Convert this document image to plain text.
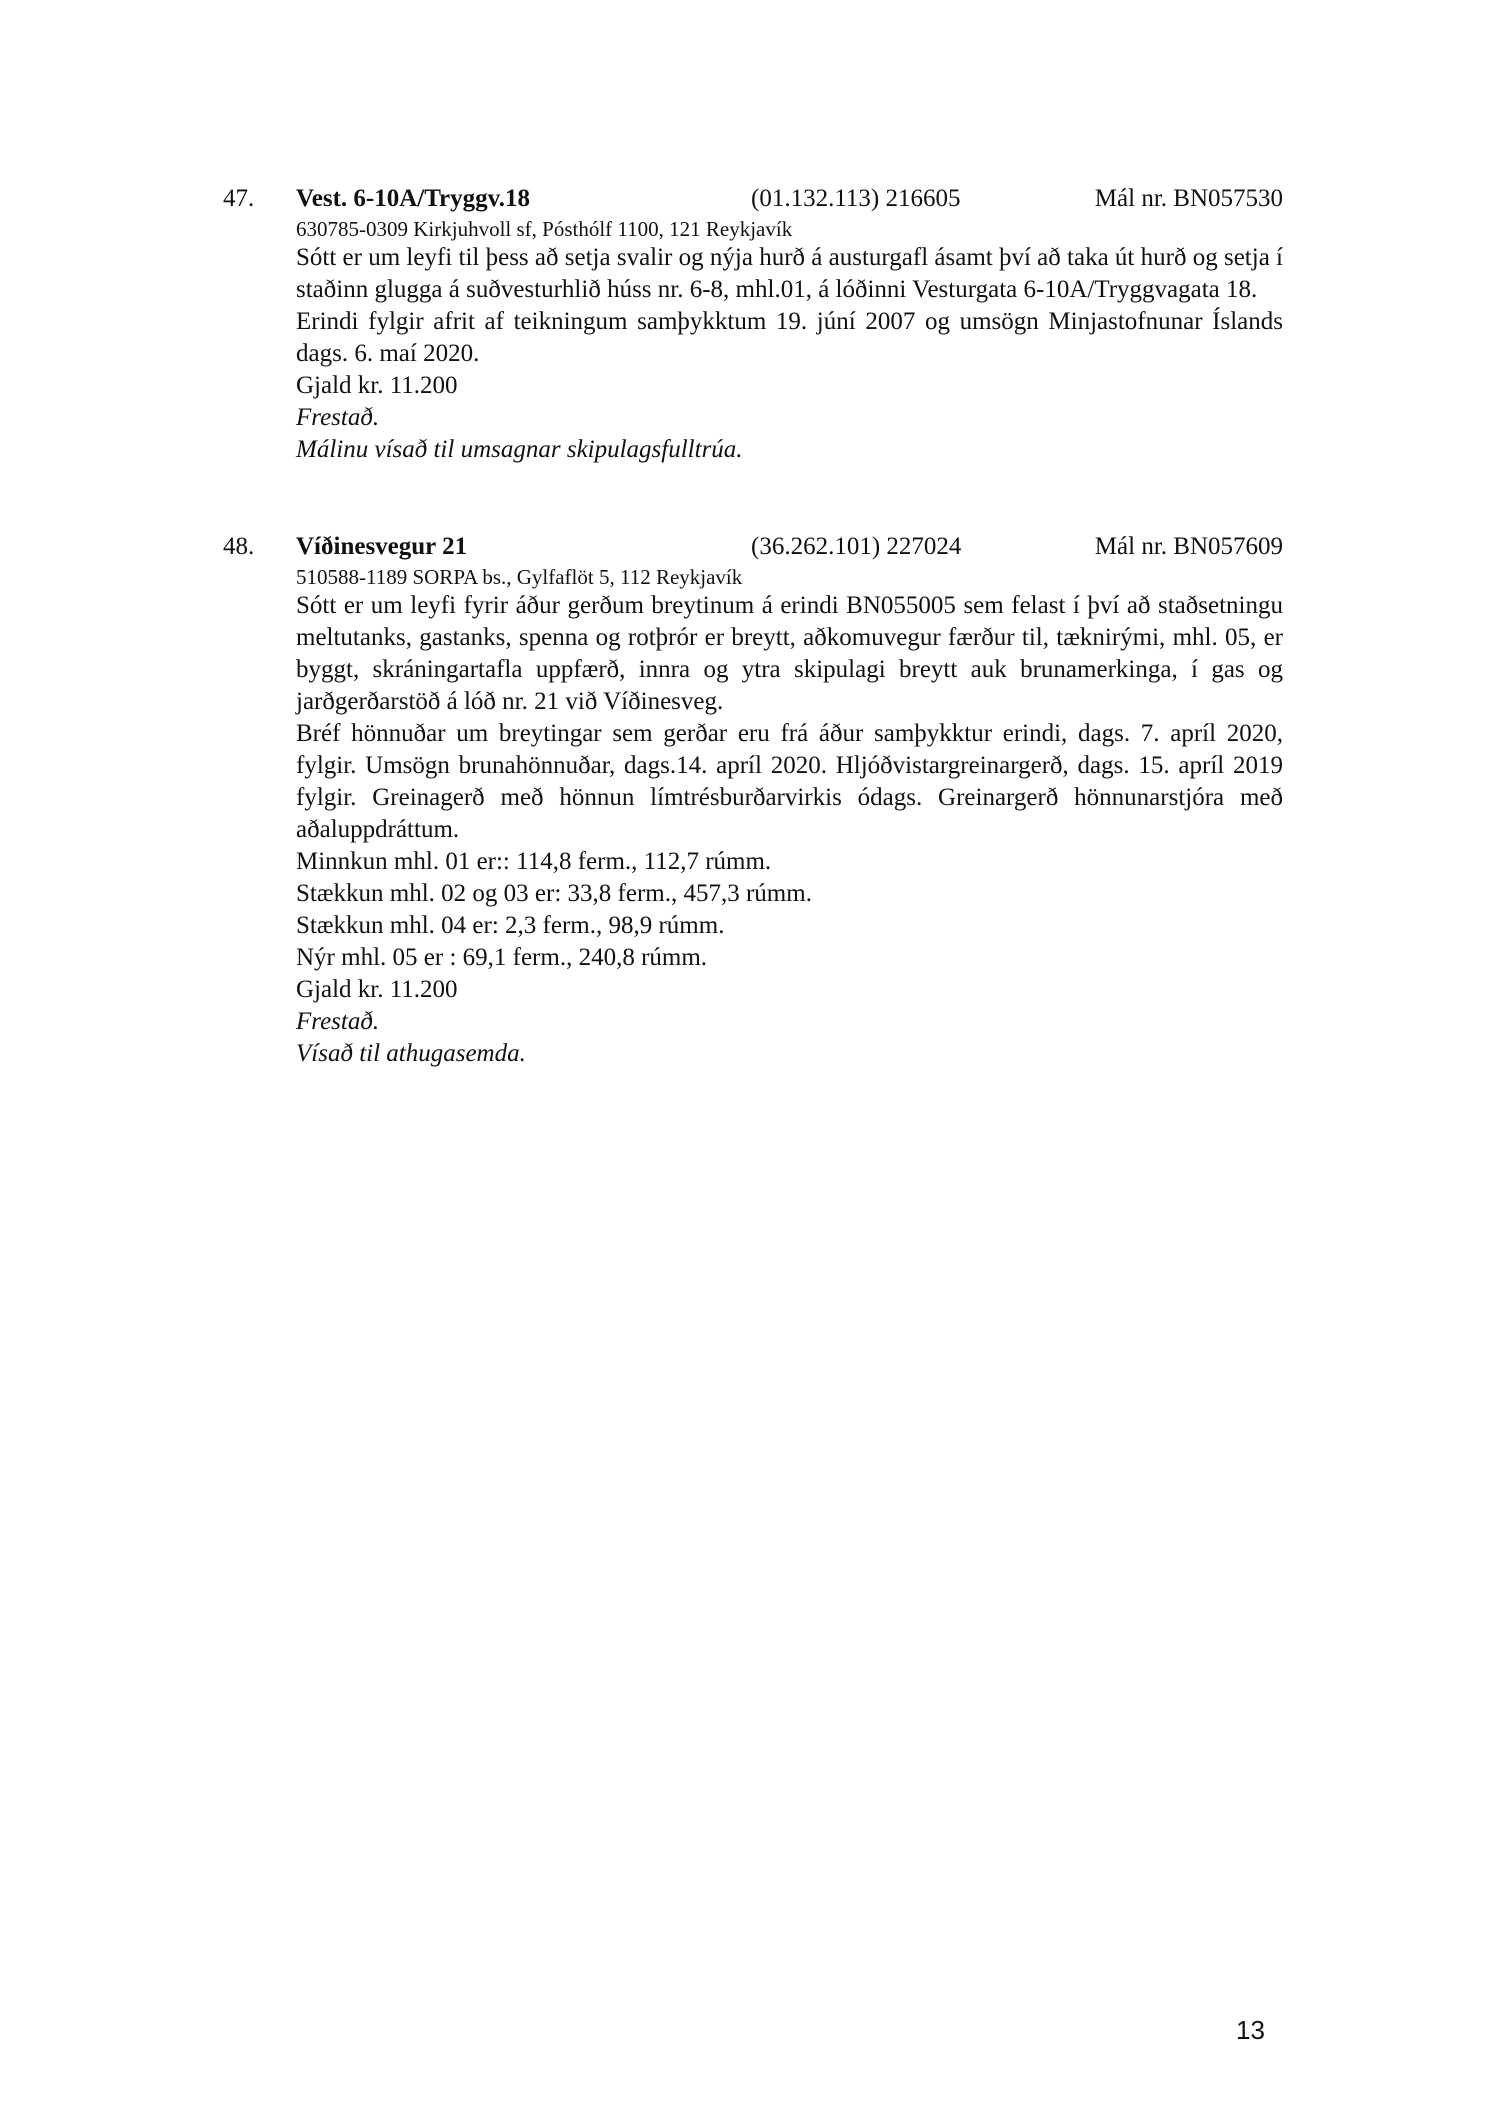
47. Vest. 6-10A/Tryggv.18	(01.132.113) 216605	Mál nr. BN057530

630785-0309 Kirkjuhvoll sf, Pósthólf 1100, 121 Reykjavík

Sótt er um leyfi til þess að setja svalir og nýja hurð á austurgafl ásamt því að taka út hurð og setja í staðinn glugga á suðvesturhlið húss nr. 6-8, mhl.01, á lóðinni Vesturgata 6-10A/Tryggvagata 18.

Erindi fylgir afrit af teikningum samþykktum 19. júní 2007 og umsögn Minjastofnunar Íslands dags. 6. maí 2020.

Gjald kr. 11.200

Frestað.

Málinu vísað til umsagnar skipulagsfulltrúa.

48. Víðinesvegur 21	(36.262.101) 227024	Mál nr. BN057609

510588-1189 SORPA bs., Gylfaflöt 5, 112 Reykjavík

Sótt er um leyfi fyrir áður gerðum breytinum á erindi BN055005 sem felast í því að staðsetningu meltutanks, gastanks, spenna og rotþrór er breytt, aðkomuvegur færður til, tæknirými, mhl. 05, er byggt, skráningartafla uppfærð, innra og ytra skipulagi breytt auk brunamerkinga, í gas og jarðgerðarstöð á lóð nr. 21 við Víðinesveg.

Bréf hönnuðar um breytingar sem gerðar eru frá áður samþykktur erindi, dags. 7. apríl 2020, fylgir. Umsögn brunahönnuðar, dags.14. apríl 2020. Hljóðvistargreinargerð, dags. 15. apríl 2019 fylgir. Greinagerð með hönnun límtrésburðarvirkis ódags. Greinargerð hönnunarstjóra með aðaluppdráttum.

Minnkun mhl. 01 er:: 114,8 ferm., 112,7 rúmm.

Stækkun mhl. 02 og 03 er: 33,8 ferm., 457,3 rúmm.

Stækkun mhl. 04 er: 2,3 ferm., 98,9 rúmm.

Nýr mhl. 05 er : 69,1 ferm., 240,8 rúmm.

Gjald kr. 11.200

Frestað.

Vísað til athugasemda.

13
